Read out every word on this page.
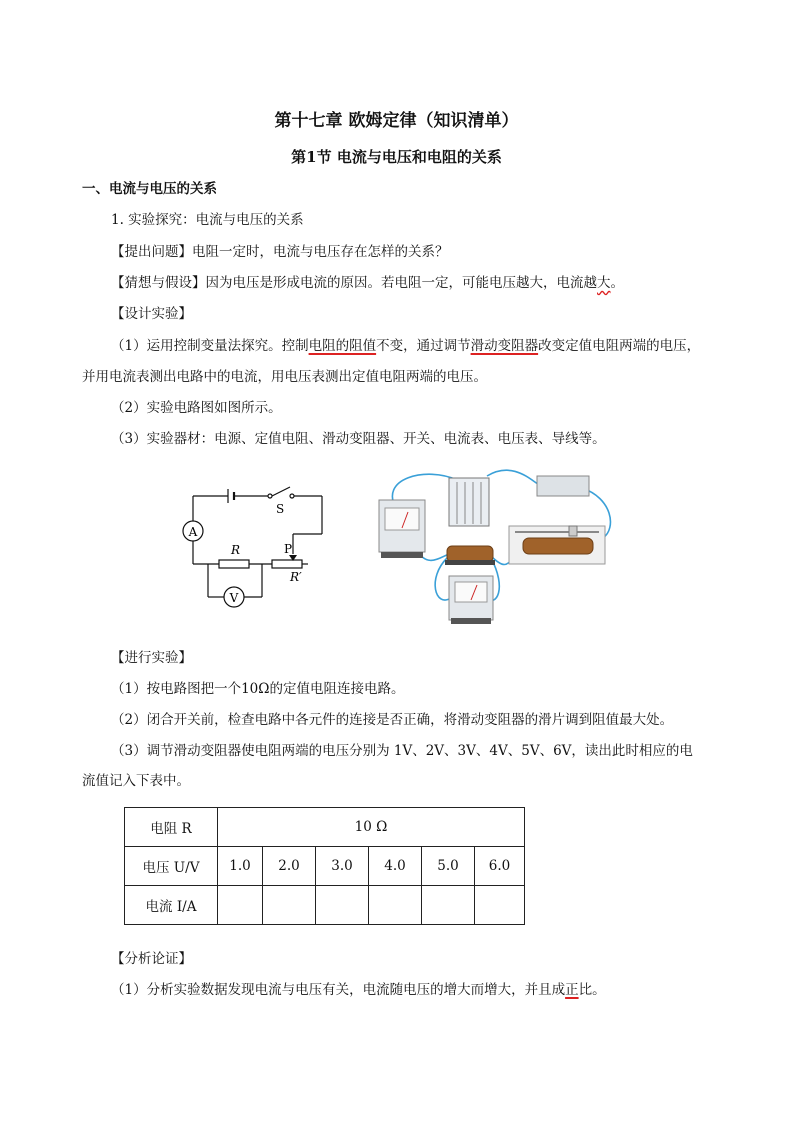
第十七章 欧姆定律（知识清单）
第1节 电流与电压和电阻的关系
一、电流与电压的关系
1. 实验探究：电流与电压的关系
【提出问题】电阻一定时，电流与电压存在怎样的关系？
【猜想与假设】因为电压是形成电流的原因。若电阻一定，可能电压越大，电流越大。
【设计实验】
（1）运用控制变量法探究。控制电阻的阻值不变，通过调节滑动变阻器改变定值电阻两端的电压，
并用电流表测出电路中的电流，用电压表测出定值电阻两端的电压。
（2）实验电路图如图所示。
（3）实验器材：电源、定值电阻、滑动变阻器、开关、电流表、电压表、导线等。
A
V
S
R	P
R′
【进行实验】
（1）按电路图把一个10Ω的定值电阻连接电路。
（2）闭合开关前，检查电路中各元件的连接是否正确，将滑动变阻器的滑片调到阻值最大处。
（3）调节滑动变阻器使电阻两端的电压分别为 1V、2V、3V、4V、5V、6V，读出此时相应的电
流值记入下表中。
电阻 R	10 Ω					
电压 U/V	1.0	2.0	3.0	4.0	5.0	6.0
电流 I/A						
【分析论证】
（1）分析实验数据发现电流与电压有关，电流随电压的增大而增大，并且成正比。
